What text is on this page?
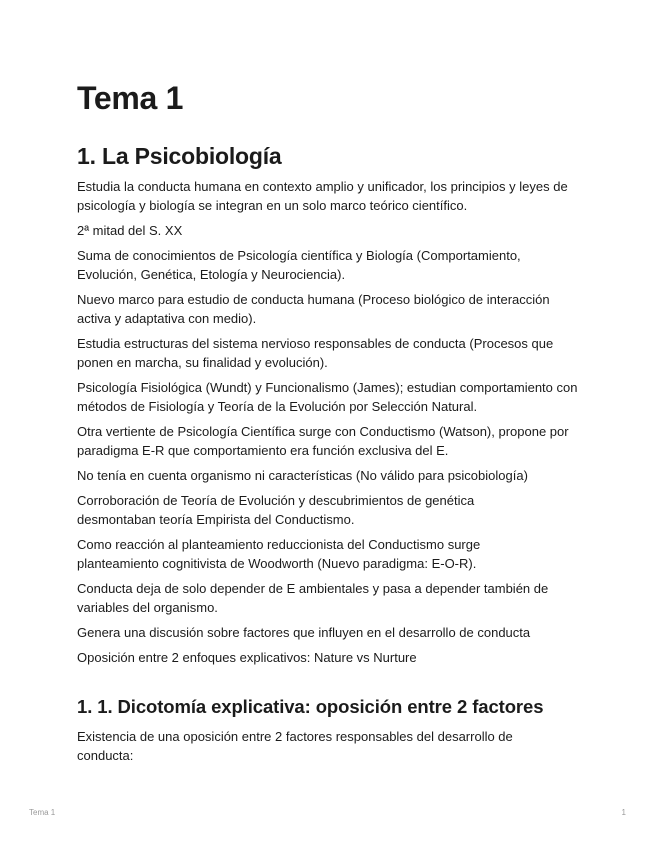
Tema 1
1. La Psicobiología

Estudia la conducta humana en contexto amplio y unificador, los principios y leyes de psicología y biología se integran en un solo marco teórico científico.

2ª mitad del S. XX

Suma de conocimientos de Psicología científica y Biología (Comportamiento, Evolución, Genética, Etología y Neurociencia).

Nuevo marco para estudio de conducta humana (Proceso biológico de interacción activa y adaptativa con medio).

Estudia estructuras del sistema nervioso responsables de conducta (Procesos que ponen en marcha, su finalidad y evolución).

Psicología Fisiológica (Wundt) y Funcionalismo (James); estudian comportamiento con métodos de Fisiología y Teoría de la Evolución por Selección Natural.

Otra vertiente de Psicología Científica surge con Conductismo (Watson), propone por paradigma E-R que comportamiento era función exclusiva del E.

No tenía en cuenta organismo ni características (No válido para psicobiología)

Corroboración de Teoría de Evolución y descubrimientos de genética desmontaban teoría Empirista del Conductismo.

Como reacción al planteamiento reduccionista del Conductismo surge planteamiento cognitivista de Woodworth (Nuevo paradigma: E-O-R).

Conducta deja de solo depender de E ambientales y pasa a depender también de variables del organismo.

Genera una discusión sobre factores que influyen en el desarrollo de conducta

Oposición entre 2 enfoques explicativos: Nature vs Nurture

1. 1. Dicotomía explicativa: oposición entre 2 factores

Existencia de una oposición entre 2 factores responsables del desarrollo de conducta:

Tema 1	1
